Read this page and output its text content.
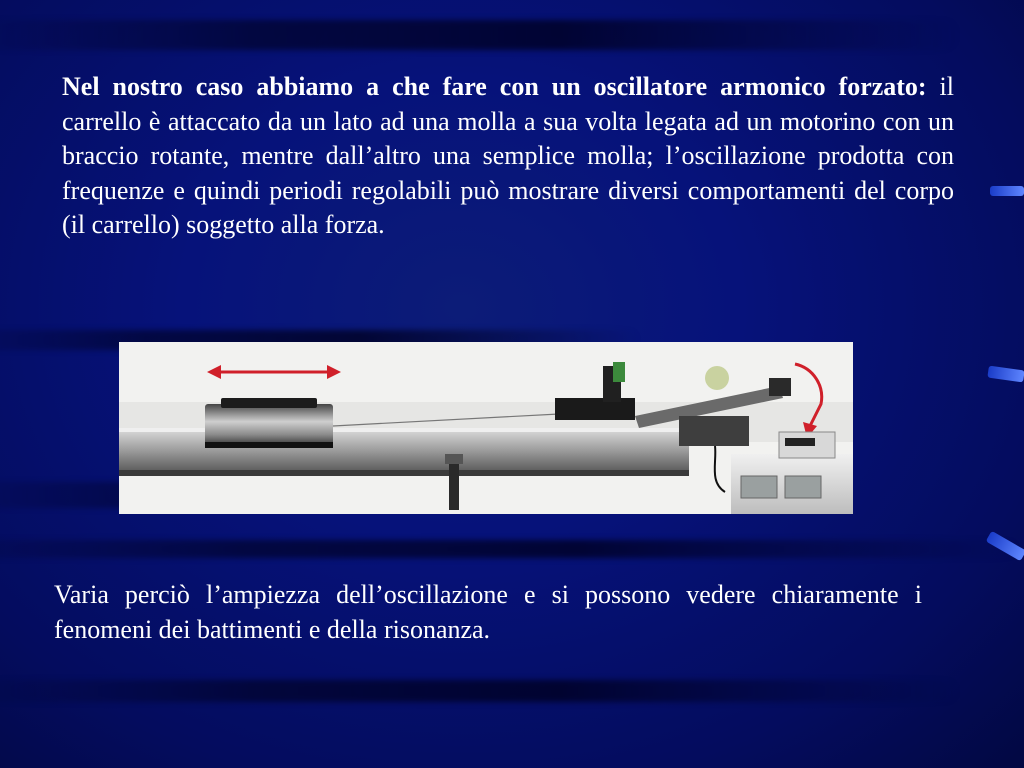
Nel nostro caso abbiamo a che fare con un oscillatore armonico forzato: il carrello è attaccato da un lato ad una molla a sua volta legata ad un motorino con un braccio rotante, mentre dall’altro una semplice molla; l’oscillazione prodotta con frequenze e quindi periodi regolabili può mostrare diversi comportamenti del corpo (il carrello) soggetto alla forza.

Varia perciò l’ampiezza dell’oscillazione e si possono vedere chiaramente i fenomeni dei battimenti e della risonanza.
